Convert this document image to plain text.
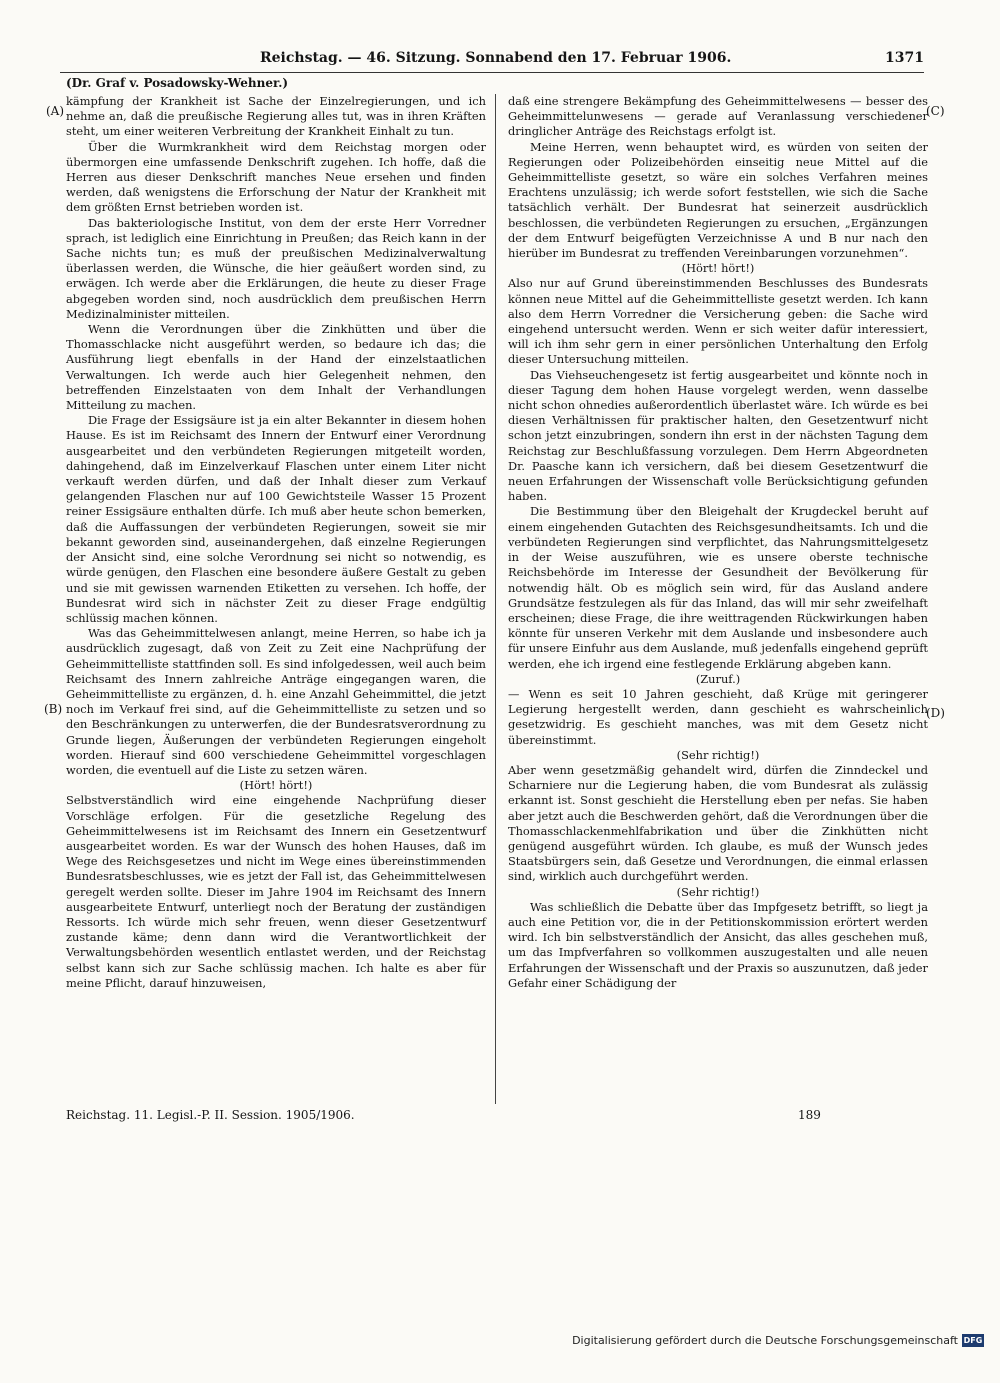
Reichstag. — 46. Sitzung. Sonnabend den 17. Februar 1906.	1371
(Dr. Graf v. Posadowsky-Wehner.)
(A)
(B)
(C)
(D)

kämpfung der Krankheit ist Sache der Einzelregierungen, und ich nehme an, daß die preußische Regierung alles tut, was in ihren Kräften steht, um einer weiteren Verbreitung der Krankheit Einhalt zu tun.

Über die Wurmkrankheit wird dem Reichstag morgen oder übermorgen eine umfassende Denkschrift zugehen. Ich hoffe, daß die Herren aus dieser Denkschrift manches Neue ersehen und finden werden, daß wenigstens die Erforschung der Natur der Krankheit mit dem größten Ernst betrieben worden ist.

Das bakteriologische Institut, von dem der erste Herr Vorredner sprach, ist lediglich eine Einrichtung in Preußen; das Reich kann in der Sache nichts tun; es muß der preußischen Medizinalverwaltung überlassen werden, die Wünsche, die hier geäußert worden sind, zu erwägen. Ich werde aber die Erklärungen, die heute zu dieser Frage abgegeben worden sind, noch ausdrücklich dem preußischen Herrn Medizinalminister mitteilen.

Wenn die Verordnungen über die Zinkhütten und über die Thomasschlacke nicht ausgeführt werden, so bedaure ich das; die Ausführung liegt ebenfalls in der Hand der einzelstaatlichen Verwaltungen. Ich werde auch hier Gelegenheit nehmen, den betreffenden Einzelstaaten von dem Inhalt der Verhandlungen Mitteilung zu machen.

Die Frage der Essigsäure ist ja ein alter Bekannter in diesem hohen Hause. Es ist im Reichsamt des Innern der Entwurf einer Verordnung ausgearbeitet und den verbündeten Regierungen mitgeteilt worden, dahingehend, daß im Einzelverkauf Flaschen unter einem Liter nicht verkauft werden dürfen, und daß der Inhalt dieser zum Verkauf gelangenden Flaschen nur auf 100 Gewichtsteile Wasser 15 Prozent reiner Essigsäure enthalten dürfe. Ich muß aber heute schon bemerken, daß die Auffassungen der verbündeten Regierungen, soweit sie mir bekannt geworden sind, auseinandergehen, daß einzelne Regierungen der Ansicht sind, eine solche Verordnung sei nicht so notwendig, es würde genügen, den Flaschen eine besondere äußere Gestalt zu geben und sie mit gewissen warnenden Etiketten zu versehen. Ich hoffe, der Bundesrat wird sich in nächster Zeit zu dieser Frage endgültig schlüssig machen können.

Was das Geheimmittelwesen anlangt, meine Herren, so habe ich ja ausdrücklich zugesagt, daß von Zeit zu Zeit eine Nachprüfung der Geheimmittelliste stattfinden soll. Es sind infolgedessen, weil auch beim Reichsamt des Innern zahlreiche Anträge eingegangen waren, die Geheimmittelliste zu ergänzen, d. h. eine Anzahl Geheimmittel, die jetzt noch im Verkauf frei sind, auf die Geheimmittelliste zu setzen und so den Beschränkungen zu unterwerfen, die der Bundesratsverordnung zu Grunde liegen, Äußerungen der verbündeten Regierungen eingeholt worden. Hierauf sind 600 verschiedene Geheimmittel vorgeschlagen worden, die eventuell auf die Liste zu setzen wären.

(Hört! hört!)

Selbstverständlich wird eine eingehende Nachprüfung dieser Vorschläge erfolgen. Für die gesetzliche Regelung des Geheimmittelwesens ist im Reichsamt des Innern ein Gesetzentwurf ausgearbeitet worden. Es war der Wunsch des hohen Hauses, daß im Wege des Reichsgesetzes und nicht im Wege eines übereinstimmenden Bundesratsbeschlusses, wie es jetzt der Fall ist, das Geheimmittelwesen geregelt werden sollte. Dieser im Jahre 1904 im Reichsamt des Innern ausgearbeitete Entwurf, unterliegt noch der Beratung der zuständigen Ressorts. Ich würde mich sehr freuen, wenn dieser Gesetzentwurf zustande käme; denn dann wird die Verantwortlichkeit der Verwaltungsbehörden wesentlich entlastet werden, und der Reichstag selbst kann sich zur Sache schlüssig machen. Ich halte es aber für meine Pflicht, darauf hinzuweisen,

daß eine strengere Bekämpfung des Geheimmittelwesens — besser des Geheimmittelunwesens — gerade auf Veranlassung verschiedener dringlicher Anträge des Reichstags erfolgt ist.

Meine Herren, wenn behauptet wird, es würden von seiten der Regierungen oder Polizeibehörden einseitig neue Mittel auf die Geheimmittelliste gesetzt, so wäre ein solches Verfahren meines Erachtens unzulässig; ich werde sofort feststellen, wie sich die Sache tatsächlich verhält. Der Bundesrat hat seinerzeit ausdrücklich beschlossen, die verbündeten Regierungen zu ersuchen, „Ergänzungen der dem Entwurf beigefügten Verzeichnisse A und B nur nach den hierüber im Bundesrat zu treffenden Vereinbarungen vorzunehmen“.

(Hört! hört!)

Also nur auf Grund übereinstimmenden Beschlusses des Bundesrats können neue Mittel auf die Geheimmittelliste gesetzt werden. Ich kann also dem Herrn Vorredner die Versicherung geben: die Sache wird eingehend untersucht werden. Wenn er sich weiter dafür interessiert, will ich ihm sehr gern in einer persönlichen Unterhaltung den Erfolg dieser Untersuchung mitteilen.

Das Viehseuchengesetz ist fertig ausgearbeitet und könnte noch in dieser Tagung dem hohen Hause vorgelegt werden, wenn dasselbe nicht schon ohnedies außerordentlich überlastet wäre. Ich würde es bei diesen Verhältnissen für praktischer halten, den Gesetzentwurf nicht schon jetzt einzubringen, sondern ihn erst in der nächsten Tagung dem Reichstag zur Beschlußfassung vorzulegen. Dem Herrn Abgeordneten Dr. Paasche kann ich versichern, daß bei diesem Gesetzentwurf die neuen Erfahrungen der Wissenschaft volle Berücksichtigung gefunden haben.

Die Bestimmung über den Bleigehalt der Krugdeckel beruht auf einem eingehenden Gutachten des Reichsgesundheitsamts. Ich und die verbündeten Regierungen sind verpflichtet, das Nahrungsmittelgesetz in der Weise auszuführen, wie es unsere oberste technische Reichsbehörde im Interesse der Gesundheit der Bevölkerung für notwendig hält. Ob es möglich sein wird, für das Ausland andere Grundsätze festzulegen als für das Inland, das will mir sehr zweifelhaft erscheinen; diese Frage, die ihre weittragenden Rückwirkungen haben könnte für unseren Verkehr mit dem Auslande und insbesondere auch für unsere Einfuhr aus dem Auslande, muß jedenfalls eingehend geprüft werden, ehe ich irgend eine festlegende Erklärung abgeben kann.

(Zuruf.)

— Wenn es seit 10 Jahren geschieht, daß Krüge mit geringerer Legierung hergestellt werden, dann geschieht es wahrscheinlich gesetzwidrig. Es geschieht manches, was mit dem Gesetz nicht übereinstimmt.

(Sehr richtig!)

Aber wenn gesetzmäßig gehandelt wird, dürfen die Zinndeckel und Scharniere nur die Legierung haben, die vom Bundesrat als zulässig erkannt ist. Sonst geschieht die Herstellung eben per nefas. Sie haben aber jetzt auch die Beschwerden gehört, daß die Verordnungen über die Thomasschlackenmehlfabrikation und über die Zinkhütten nicht genügend ausgeführt würden. Ich glaube, es muß der Wunsch jedes Staatsbürgers sein, daß Gesetze und Verordnungen, die einmal erlassen sind, wirklich auch durchgeführt werden.

(Sehr richtig!)

Was schließlich die Debatte über das Impfgesetz betrifft, so liegt ja auch eine Petition vor, die in der Petitionskommission erörtert werden wird. Ich bin selbstverständlich der Ansicht, das alles geschehen muß, um das Impfverfahren so vollkommen auszugestalten und alle neuen Erfahrungen der Wissenschaft und der Praxis so auszunutzen, daß jeder Gefahr einer Schädigung der

Reichstag. 11. Legisl.-P. II. Session. 1905/1906.	189
Digitalisierung gefördert durch die Deutsche Forschungsgemeinschaft DFG
